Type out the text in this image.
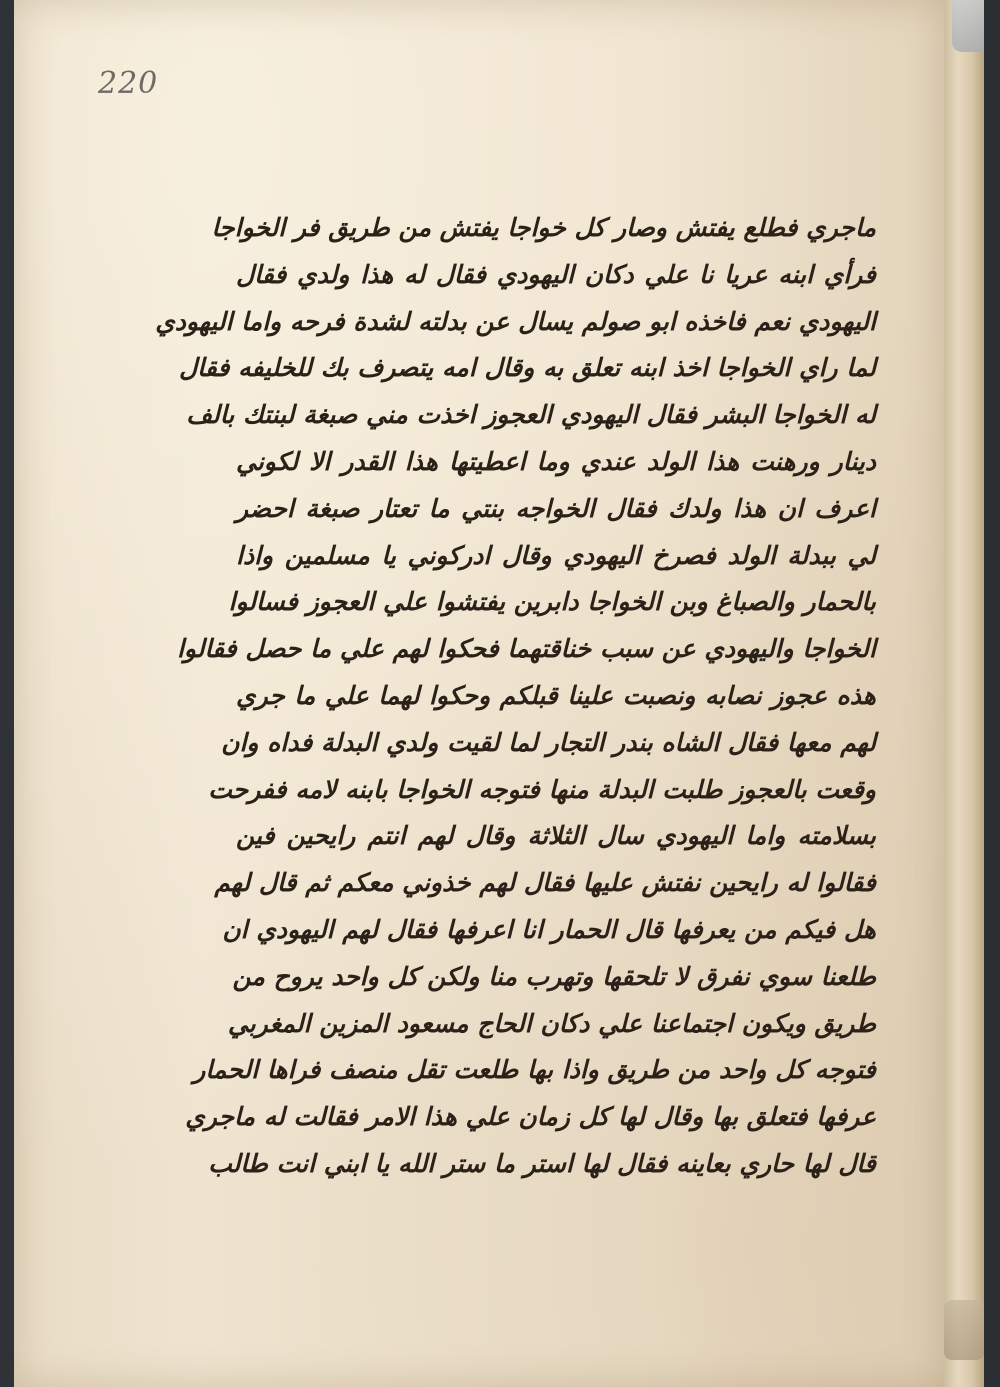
220
ماجري فطلع يفتش وصار كل خواجا يفتش من طريق فر الخواجا
فرأي ابنه عريا نا علي دكان اليهودي فقال له هذا ولدي فقال
اليهودي نعم فاخذه ابو صولم يسال عن بدلته لشدة فرحه واما اليهودي
لما راي الخواجا اخذ ابنه تعلق به وقال امه يتصرف بك للخليفه فقال
له الخواجا البشر فقال اليهودي العجوز اخذت مني صبغة لبنتك بالف
دينار ورهنت هذا الولد عندي وما اعطيتها هذا القدر الا لكوني
اعرف ان هذا ولدك فقال الخواجه بنتي ما تعتار صبغة احضر
لي ببدلة الولد فصرخ اليهودي وقال ادركوني يا مسلمين واذا
بالحمار والصباغ وبن الخواجا دابرين يفتشوا علي العجوز فسالوا
الخواجا واليهودي عن سبب خناقتهما فحكوا لهم علي ما حصل فقالوا
هذه عجوز نصابه ونصبت علينا قبلكم وحكوا لهما علي ما جري
لهم معها فقال الشاه بندر التجار لما لقيت ولدي البدلة فداه وان
وقعت بالعجوز طلبت البدلة منها فتوجه الخواجا بابنه لامه ففرحت
بسلامته واما اليهودي سال الثلاثة وقال لهم انتم رايحين فين
فقالوا له رايحين نفتش عليها فقال لهم خذوني معكم ثم قال لهم
هل فيكم من يعرفها قال الحمار انا اعرفها فقال لهم اليهودي ان
طلعنا سوي نفرق لا تلحقها وتهرب منا ولكن كل واحد يروح من
طريق ويكون اجتماعنا علي دكان الحاج مسعود المزين المغربي
فتوجه كل واحد من طريق واذا بها طلعت تقل منصف فراها الحمار
عرفها فتعلق بها وقال لها كل زمان علي هذا الامر فقالت له ماجري
قال لها حاري بعاينه فقال لها استر ما ستر الله يا ابني انت طالب
